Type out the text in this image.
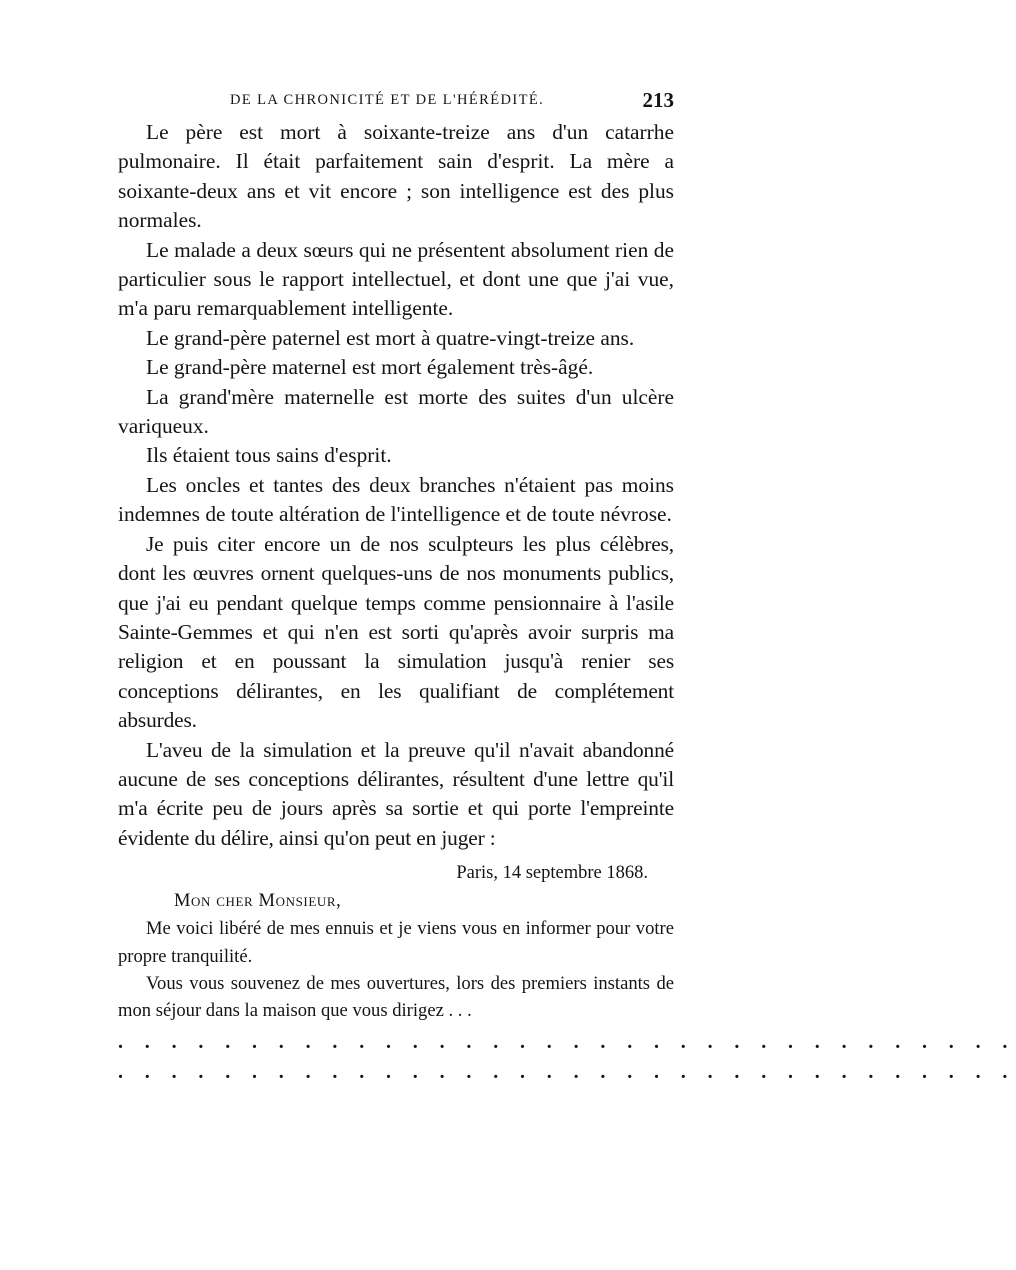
DE LA CHRONICITÉ ET DE L'HÉRÉDITÉ.	213

Le père est mort à soixante-treize ans d'un catarrhe pulmonaire. Il était parfaitement sain d'esprit. La mère a soixante-deux ans et vit encore ; son intelligence est des plus normales.

Le malade a deux sœurs qui ne présentent absolument rien de particulier sous le rapport intellectuel, et dont une que j'ai vue, m'a paru remarquablement intelligente.

Le grand-père paternel est mort à quatre-vingt-treize ans.

Le grand-père maternel est mort également très-âgé.

La grand'mère maternelle est morte des suites d'un ulcère variqueux.

Ils étaient tous sains d'esprit.

Les oncles et tantes des deux branches n'étaient pas moins indemnes de toute altération de l'intelligence et de toute névrose.

Je puis citer encore un de nos sculpteurs les plus célèbres, dont les œuvres ornent quelques-uns de nos monuments publics, que j'ai eu pendant quelque temps comme pensionnaire à l'asile Sainte-Gemmes et qui n'en est sorti qu'après avoir surpris ma religion et en poussant la simulation jusqu'à renier ses conceptions délirantes, en les qualifiant de complétement absurdes.

L'aveu de la simulation et la preuve qu'il n'avait abandonné aucune de ses conceptions délirantes, résultent d'une lettre qu'il m'a écrite peu de jours après sa sortie et qui porte l'empreinte évidente du délire, ainsi qu'on peut en juger :

Paris, 14 septembre 1868.

Mon cher Monsieur,

Me voici libéré de mes ennuis et je viens vous en informer pour votre propre tranquilité.

Vous vous souvenez de mes ouvertures, lors des premiers instants de mon séjour dans la maison que vous dirigez . . .

. . . . . . . . . . . . . . . . . . . . . . . . . . . . . . . . . .

. . . . . . . . . . . . . . . . . . . . . . . . . . . . . . . . . .
